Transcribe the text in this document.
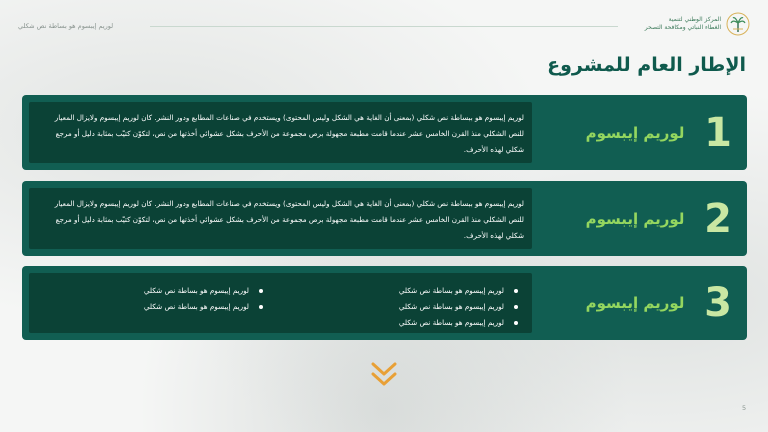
لوريم إيبسوم هو بساطة نص شكلي
المركز الوطني لتنمية
الغطاء النباتي ومكافحة التصحر
الإطار العام للمشروع
1
لوريم إيبسوم

لوريم إيبسوم هو ببساطة نص شكلي (بمعنى أن الغاية هي الشكل وليس المحتوى) ويستخدم في صناعات المطابع ودور النشر. كان لوريم إيبسوم ولايزال المعيار للنص الشكلي منذ القرن الخامس عشر عندما قامت مطبعة مجهولة برص مجموعة من الأحرف بشكل عشوائي أخذتها من نص، لتكوّن كتيّب بمثابة دليل أو مرجع شكلي لهذه الأحرف.

2
لوريم إيبسوم

لوريم إيبسوم هو ببساطة نص شكلي (بمعنى أن الغاية هي الشكل وليس المحتوى) ويستخدم في صناعات المطابع ودور النشر. كان لوريم إيبسوم ولايزال المعيار للنص الشكلي منذ القرن الخامس عشر عندما قامت مطبعة مجهولة برص مجموعة من الأحرف بشكل عشوائي أخذتها من نص، لتكوّن كتيّب بمثابة دليل أو مرجع شكلي لهذه الأحرف.

3
لوريم إيبسوم
لوريم إيبسوم هو بساطة نص شكلي
لوريم إيبسوم هو بساطة نص شكلي
لوريم إيبسوم هو بساطة نص شكلي
لوريم إيبسوم هو بساطة نص شكلي
لوريم إيبسوم هو بساطة نص شكلي
5
